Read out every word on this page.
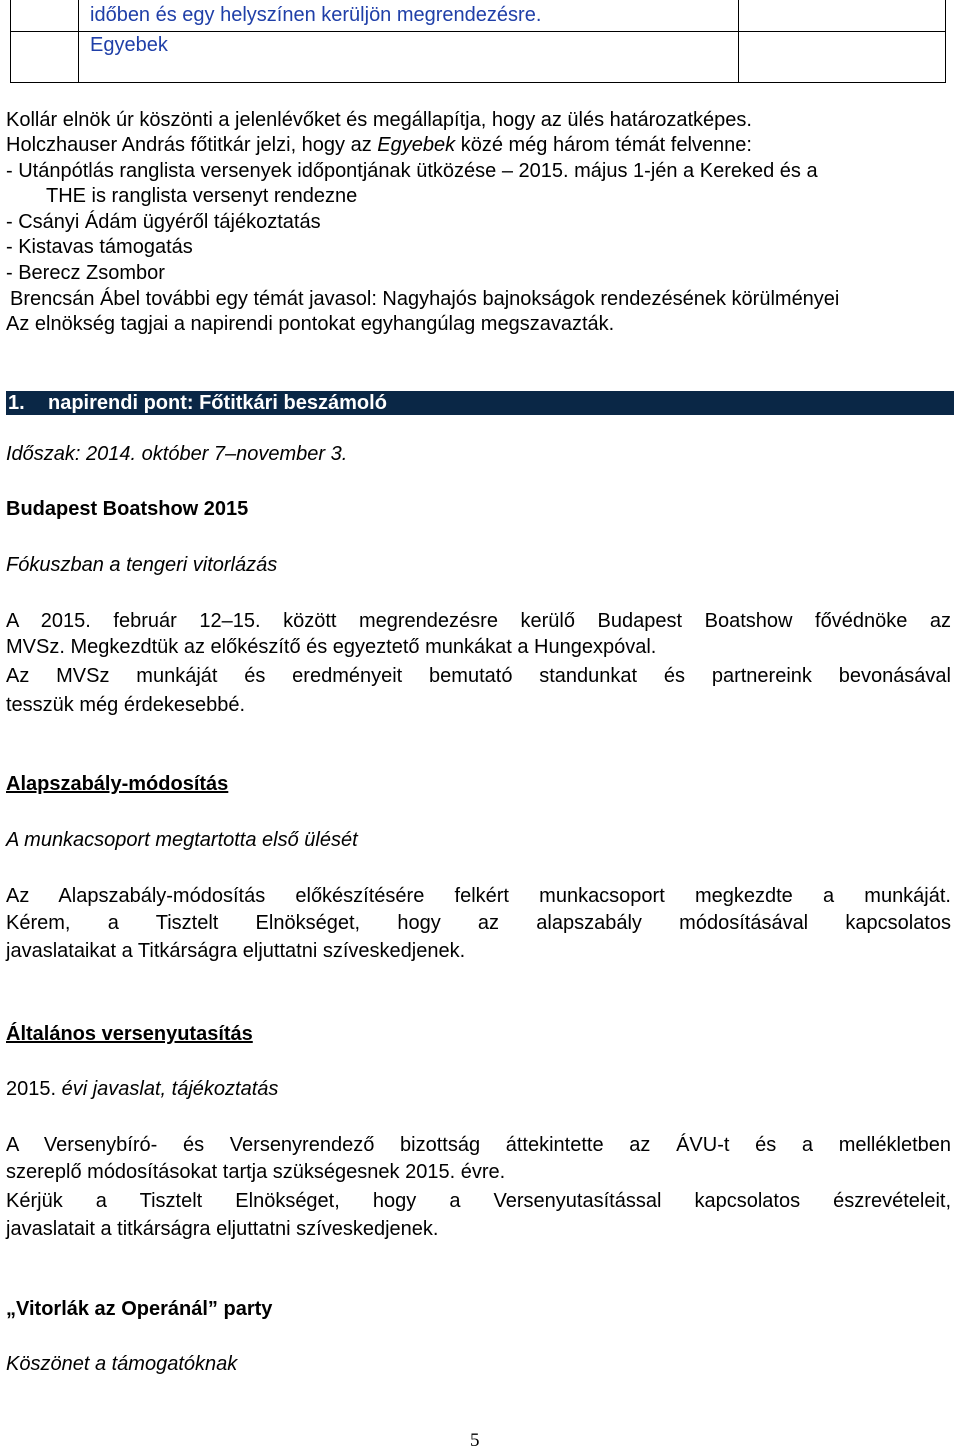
időben és egy helyszínen kerüljön megrendezésre.
Egyebek
Kollár elnök úr köszönti a jelenlévőket és megállapítja, hogy az ülés határozatképes.
Holczhauser András főtitkár jelzi, hogy az Egyebek közé még három témát felvenne:
- Utánpótlás ranglista versenyek időpontjának ütközése – 2015. május 1-jén a Kereked és a
THE is ranglista versenyt rendezne
- Csányi Ádám ügyéről tájékoztatás
- Kistavas támogatás
- Berecz Zsombor
Brencsán Ábel további egy témát javasol: Nagyhajós bajnokságok rendezésének körülményei
Az elnökség tagjai a napirendi pontokat egyhangúlag megszavazták.
1. napirendi pont: Főtitkári beszámoló
Időszak: 2014. október 7–november 3.
Budapest Boatshow 2015
Fókuszban a tengeri vitorlázás
A 2015. február 12–15. között megrendezésre kerülő Budapest Boatshow fővédnöke az
MVSz. Megkezdtük az előkészítő és egyeztető munkákat a Hungexpóval.
Az MVSz munkáját és eredményeit bemutató standunkat és partnereink bevonásával
tesszük még érdekesebbé.
Alapszabály-módosítás
A munkacsoport megtartotta első ülését
Az Alapszabály-módosítás előkészítésére felkért munkacsoport megkezdte a munkáját.
Kérem, a Tisztelt Elnökséget, hogy az alapszabály módosításával kapcsolatos
javaslataikat a Titkárságra eljuttatni szíveskedjenek.
Általános versenyutasítás
2015. évi javaslat, tájékoztatás
A Versenybíró- és Versenyrendező bizottság áttekintette az ÁVU-t és a mellékletben
szereplő módosításokat tartja szükségesnek 2015. évre.
Kérjük a Tisztelt Elnökséget, hogy a Versenyutasítással kapcsolatos észrevételeit,
javaslatait a titkárságra eljuttatni szíveskedjenek.
„Vitorlák az Operánál” party
Köszönet a támogatóknak
5
